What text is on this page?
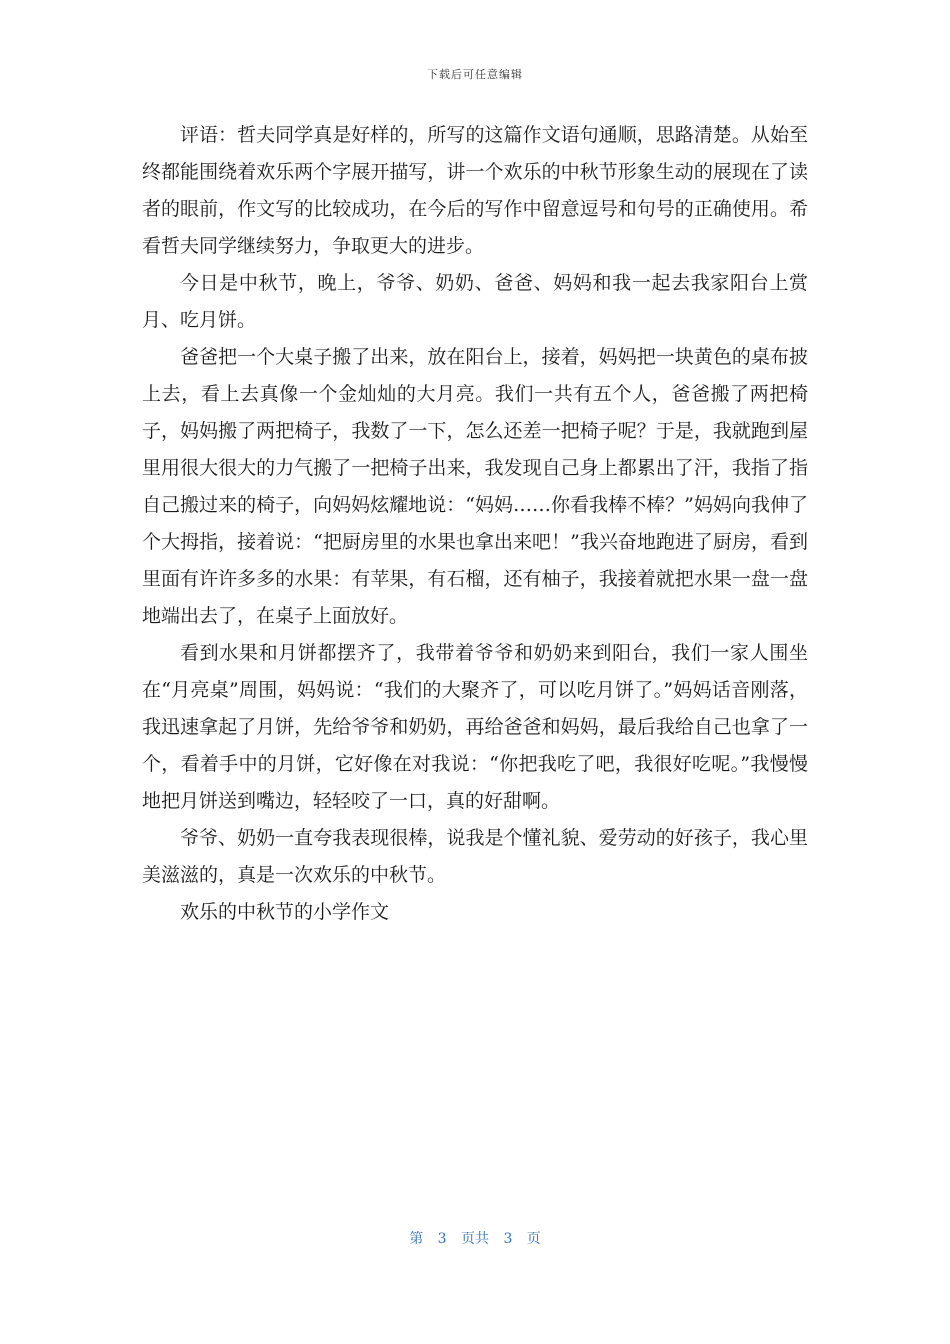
下载后可任意编辑

评语：哲夫同学真是好样的，所写的这篇作文语句通顺，思路清楚。从始至终都能围绕着欢乐两个字展开描写，讲一个欢乐的中秋节形象生动的展现在了读者的眼前，作文写的比较成功，在今后的写作中留意逗号和句号的正确使用。希看哲夫同学继续努力，争取更大的进步。

今日是中秋节，晚上，爷爷、奶奶、爸爸、妈妈和我一起去我家阳台上赏月、吃月饼。

爸爸把一个大桌子搬了出来，放在阳台上，接着，妈妈把一块黄色的桌布披上去，看上去真像一个金灿灿的大月亮。我们一共有五个人，爸爸搬了两把椅子，妈妈搬了两把椅子，我数了一下，怎么还差一把椅子呢？于是，我就跑到屋里用很大很大的力气搬了一把椅子出来，我发现自己身上都累出了汗，我指了指自己搬过来的椅子，向妈妈炫耀地说：“妈妈……你看我棒不棒？”妈妈向我伸了个大拇指，接着说：“把厨房里的水果也拿出来吧！”我兴奋地跑进了厨房，看到里面有许许多多的水果：有苹果，有石榴，还有柚子，我接着就把水果一盘一盘地端出去了，在桌子上面放好。

看到水果和月饼都摆齐了，我带着爷爷和奶奶来到阳台，我们一家人围坐在“月亮桌”周围，妈妈说：“我们的大聚齐了，可以吃月饼了。”妈妈话音刚落，我迅速拿起了月饼，先给爷爷和奶奶，再给爸爸和妈妈，最后我给自己也拿了一个，看着手中的月饼，它好像在对我说：“你把我吃了吧，我很好吃呢。”我慢慢地把月饼送到嘴边，轻轻咬了一口，真的好甜啊。

爷爷、奶奶一直夸我表现很棒，说我是个懂礼貌、爱劳动的好孩子，我心里美滋滋的，真是一次欢乐的中秋节。

欢乐的中秋节的小学作文

第 3 页共 3 页
